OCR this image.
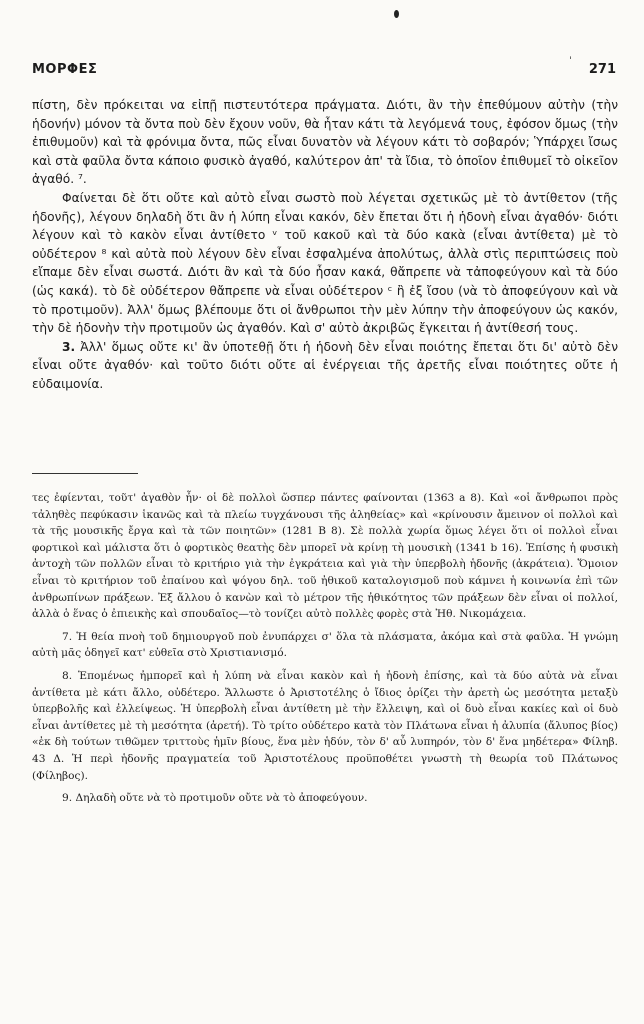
ΜΟΡΦΕΣ
ˈ
271

πίστη, δὲν πρόκειται να εἰπῇ πιστευτότερα πράγματα. Διότι, ἂν τὴν ἐπεθύμουν αὐτὴν (τὴν ἡδονήν) μόνον τὰ ὄντα ποὺ δὲν ἔχουν νοῦν, θὰ ἦταν κάτι τὰ λεγόμενά τους, ἐφόσον ὅμως (τὴν ἐπιθυμοῦν) καὶ τὰ φρόνιμα ὄντα, πῶς εἶναι δυνατὸν νὰ λέγουν κάτι τὸ σοβαρόν; Ὑπάρχει ἴσως καὶ στὰ φαῦλα ὄντα κάποιο φυσικὸ ἀγαθό, καλύτερον ἀπ' τὰ ἴδια, τὸ ὁποῖον ἐπιθυμεῖ τὸ οἰκεῖον ἀγαθό. ⁷.

Φαίνεται δὲ ὅτι οὔτε καὶ αὐτὸ εἶναι σωστὸ ποὺ λέγεται σχετικῶς μὲ τὸ ἀντίθετον (τῆς ἡδονῆς), λέγουν δηλαδὴ ὅτι ἂν ἡ λύπη εἶναι κακόν, δὲν ἔπεται ὅτι ἡ ἡδονὴ εἶναι ἀγαθόν· διότι λέγουν καὶ τὸ κακὸν εἶναι ἀντίθετο ᵛ τοῦ κακοῦ καὶ τὰ δύο κακὰ (εἶναι ἀντίθετα) μὲ τὸ οὐδέτερον ⁸ καὶ αὐτὰ ποὺ λέγουν δὲν εἶναι ἐσφαλμένα ἀπολύτως, ἀλλὰ στὶς περιπτώσεις ποὺ εἴπαμε δὲν εἶναι σωστά. Διότι ἂν καὶ τὰ δύο ἦσαν κακά, θἄπρεπε νὰ τἀποφεύγουν καὶ τὰ δύο (ὡς κακά). τὸ δὲ οὐδέτερον θἄπρεπε νὰ εἶναι οὐδέτερον ᶜ ἢ ἐξ ἴσου (νὰ τὸ ἀποφεύγουν καὶ νὰ τὸ προτιμοῦν). Ἀλλ' ὅμως βλέπουμε ὅτι οἱ ἄνθρωποι τὴν μὲν λύπην τὴν ἀποφεύγουν ὡς κακόν, τὴν δὲ ἡδονὴν τὴν προτιμοῦν ὡς ἀγαθόν. Καὶ σ' αὐτὸ ἀκριβῶς ἔγκειται ἡ ἀντίθεσή τους.

3. Ἀλλ' ὅμως οὔτε κι' ἂν ὑποτεθῇ ὅτι ἡ ἡδονὴ δὲν εἶναι ποιότης ἔπεται ὅτι δι' αὐτὸ δὲν εἶναι οὔτε ἀγαθόν· καὶ τοῦτο διότι οὔτε αἱ ἐνέργειαι τῆς ἀρετῆς εἶναι ποιότητες οὔτε ἡ εὐδαιμονία.

τες ἐφίενται, τοῦτ' ἀγαθὸν ἦν· οἱ δὲ πολλοὶ ὥσπερ πάντες φαίνονται (1363 a 8). Καὶ «οἱ ἄνθρωποι πρὸς τἀληθὲς πεφύκασιν ἱκανῶς καὶ τὰ πλείω τυγχάνουσι τῆς ἀληθείας» καὶ «κρίνουσιν ἄμεινον οἱ πολλοὶ καὶ τὰ τῆς μουσικῆς ἔργα καὶ τὰ τῶν ποιητῶν» (1281 B 8). Σὲ πολλὰ χωρία ὅμως λέγει ὅτι οἱ πολλοὶ εἶναι φορτικοὶ καὶ μάλιστα ὅτι ὁ φορτικὸς θεατὴς δὲν μπορεῖ νὰ κρίνῃ τὴ μουσικὴ (1341 b 16). Ἐπίσης ἡ φυσικὴ ἀντοχὴ τῶν πολλῶν εἶναι τὸ κριτήριο γιὰ τὴν ἐγκράτεια καὶ γιὰ τὴν ὑπερβολὴ ἡδονῆς (ἀκράτεια). Ὅμοιον εἶναι τὸ κριτήριον τοῦ ἐπαίνου καὶ ψόγου δηλ. τοῦ ἠθικοῦ καταλογισμοῦ ποὺ κάμνει ἡ κοινωνία ἐπὶ τῶν ἀνθρωπίνων πράξεων. Ἐξ ἄλλου ὁ κανὼν καὶ τὸ μέτρον τῆς ἠθικότητος τῶν πράξεων δὲν εἶναι οἱ πολλοί, ἀλλὰ ὁ ἕνας ὁ ἐπιεικὴς καὶ σπουδαῖος—τὸ τονίζει αὐτὸ πολλὲς φορὲς στὰ Ἠθ. Νικομάχεια.

7. Ἡ θεία πνοὴ τοῦ δημιουργοῦ ποὺ ἐνυπάρχει σ' ὅλα τὰ πλάσματα, ἀκόμα καὶ στὰ φαῦλα. Ἡ γνώμη αὐτὴ μᾶς ὁδηγεῖ κατ' εὐθεῖα στὸ Χριστιανισμό.

8. Ἑπομένως ἠμπορεῖ καὶ ἡ λύπη νὰ εἶναι κακὸν καὶ ἡ ἡδονὴ ἐπίσης, καὶ τὰ δύο αὐτὰ νὰ εἶναι ἀντίθετα μὲ κάτι ἄλλο, οὐδέτερο. Ἄλλωστε ὁ Ἀριστοτέλης ὁ ἴδιος ὁρίζει τὴν ἀρετὴ ὡς μεσότητα μεταξὺ ὑπερβολῆς καὶ ἐλλείψεως. Ἡ ὑπερβολὴ εἶναι ἀντίθετη μὲ τὴν ἔλλειψη, καὶ οἱ δυὸ εἶναι κακίες καὶ οἱ δυὸ εἶναι ἀντίθετες μὲ τὴ μεσότητα (ἀρετή). Τὸ τρίτο οὐδέτερο κατὰ τὸν Πλάτωνα εἶναι ἡ ἀλυπία (ἄλυπος βίος) «ἐκ δὴ τούτων τιθῶμεν τριττοὺς ἡμῖν βίους, ἕνα μὲν ἡδύν, τὸν δ' αὖ λυπηρόν, τὸν δ' ἕνα μηδέτερα» Φίληβ. 43 Δ. Ἡ περὶ ἡδονῆς πραγματεία τοῦ Ἀριστοτέλους προϋποθέτει γνωστὴ τὴ θεωρία τοῦ Πλάτωνος (Φίληβος).

9. Δηλαδὴ οὔτε νὰ τὸ προτιμοῦν οὔτε νὰ τὸ ἀποφεύγουν.
